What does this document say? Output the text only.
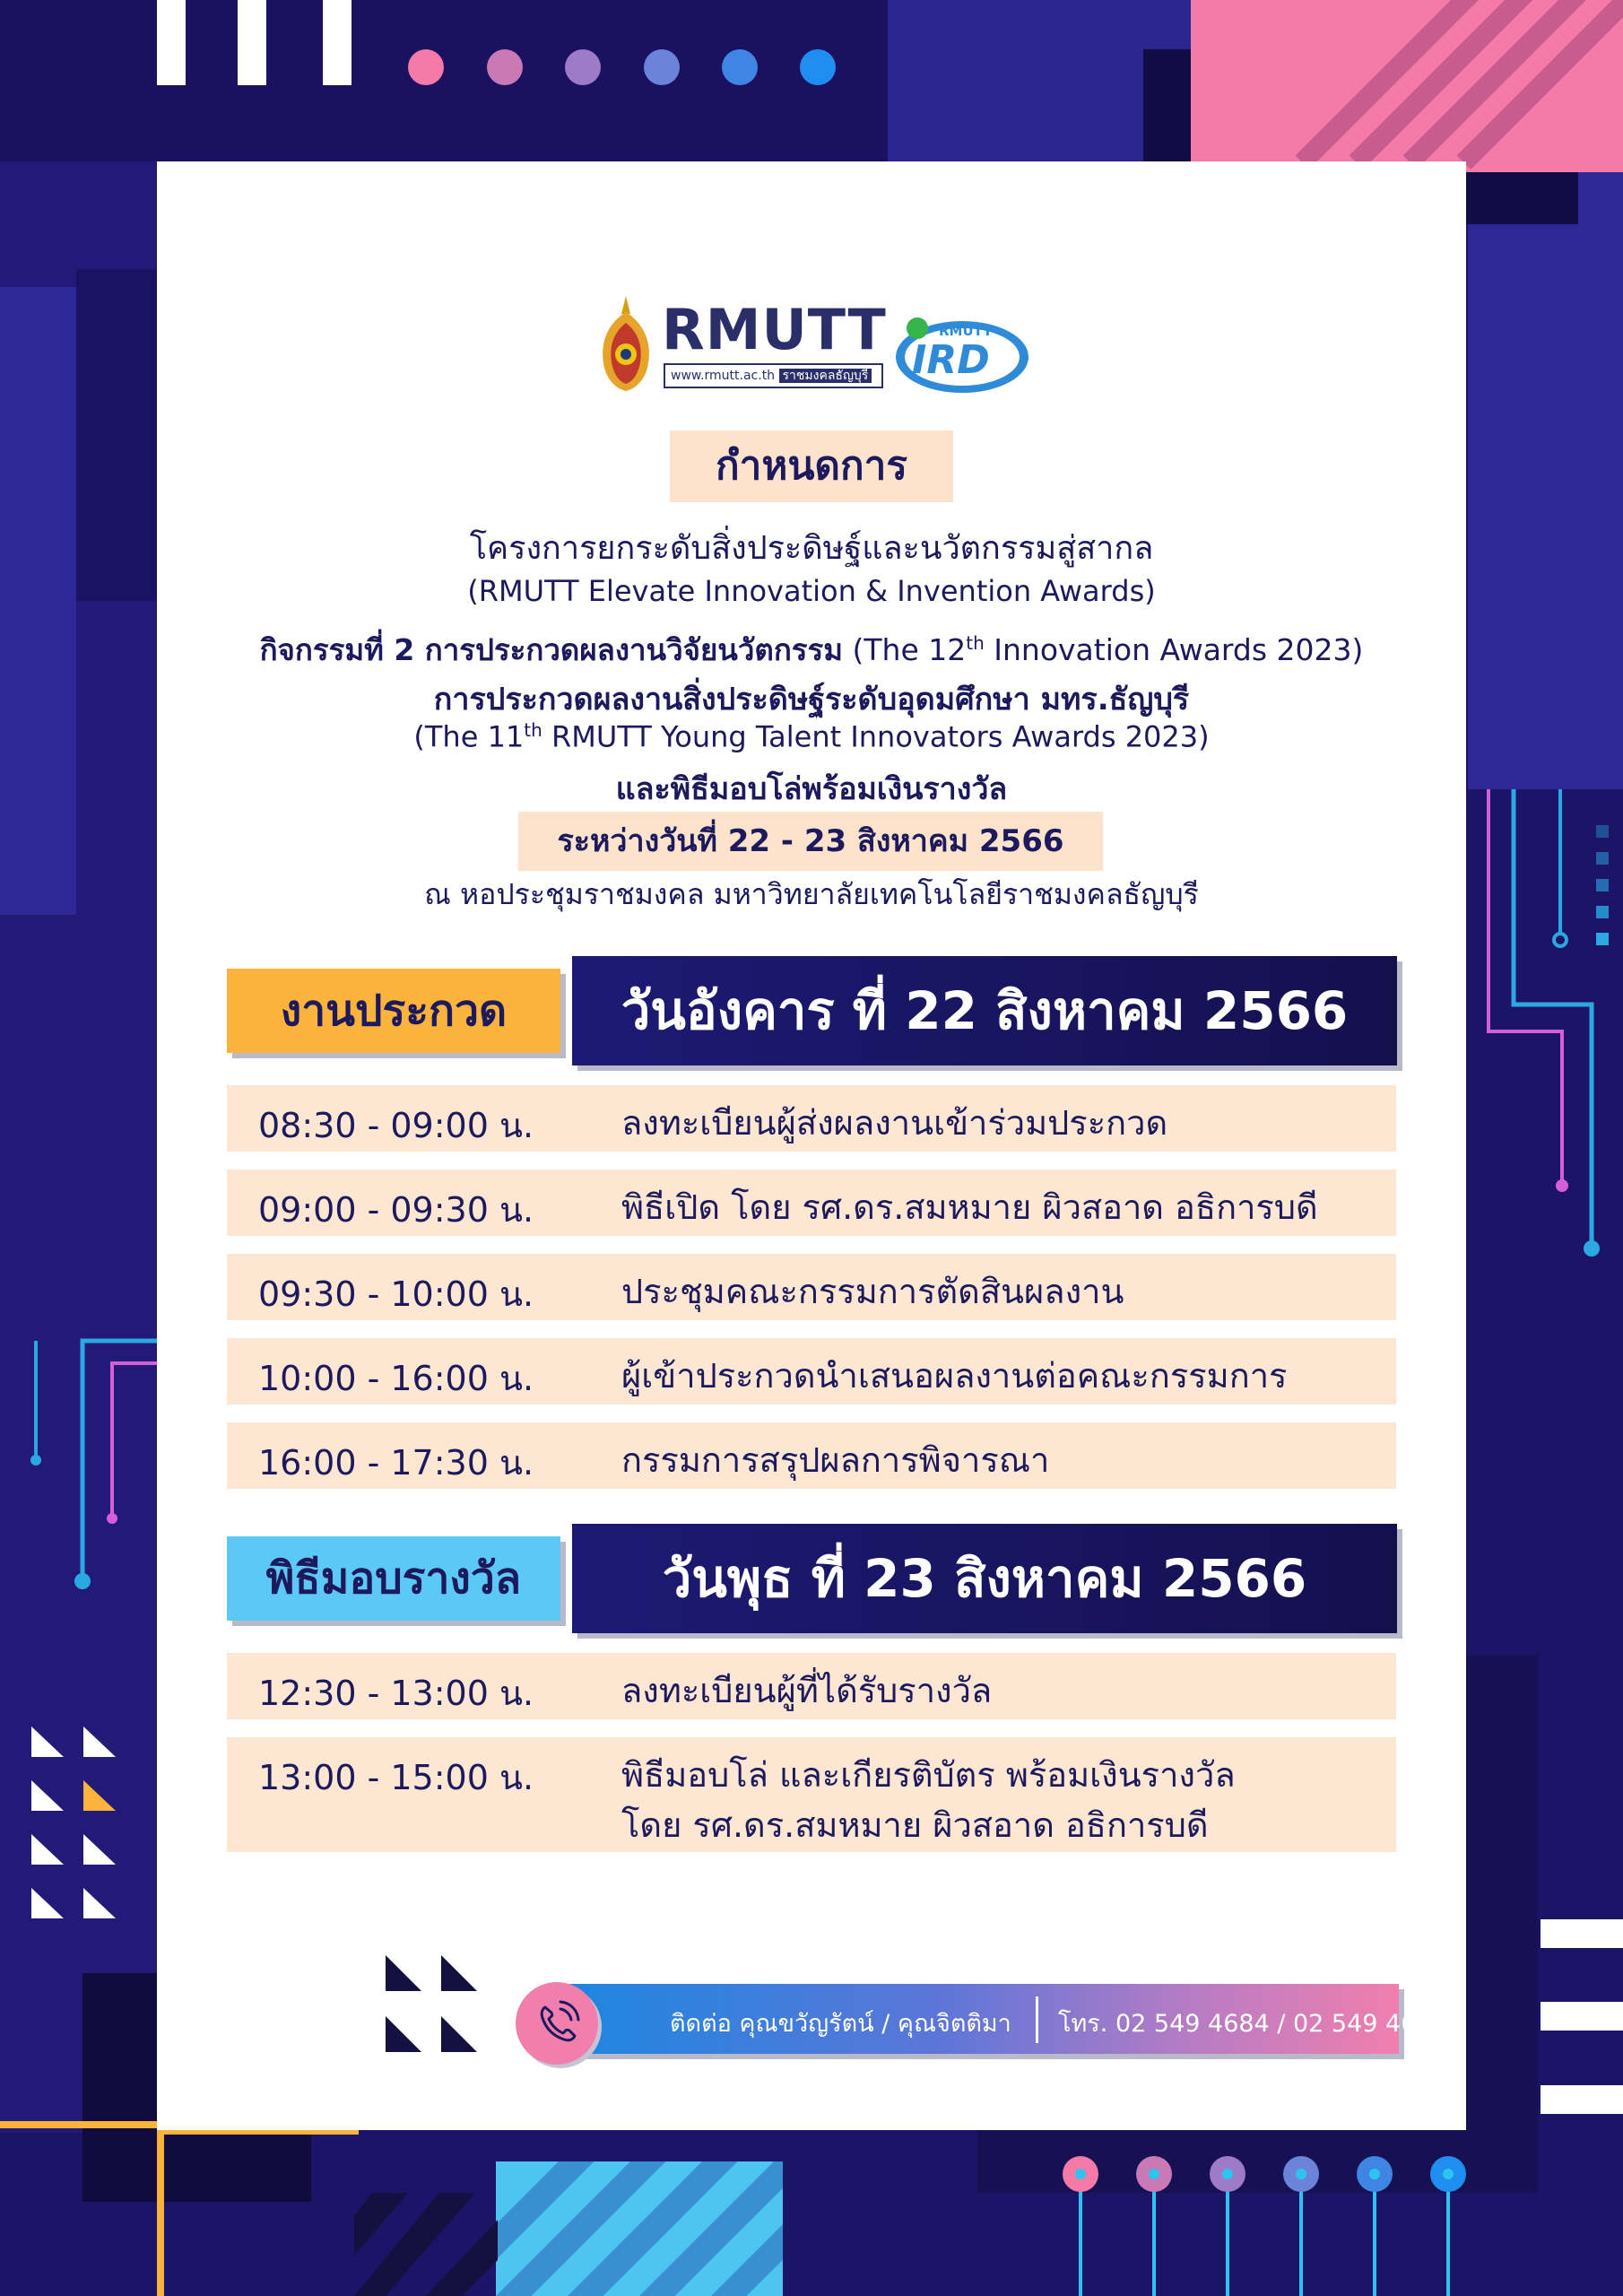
RMUTT
www.rmutt.ac.th ราชมงคลธัญบุรี
RMUTT
IRD
กำหนดการ
โครงการยกระดับสิ่งประดิษฐ์และนวัตกรรมสู่สากล
(RMUTT Elevate Innovation & Invention Awards)
กิจกรรมที่ 2 การประกวดผลงานวิจัยนวัตกรรม (The 12th Innovation Awards 2023)
การประกวดผลงานสิ่งประดิษฐ์ระดับอุดมศึกษา มทร.ธัญบุรี
(The 11th RMUTT Young Talent Innovators Awards 2023)
และพิธีมอบโล่พร้อมเงินรางวัล
ระหว่างวันที่ 22 - 23 สิงหาคม 2566
ณ หอประชุมราชมงคล มหาวิทยาลัยเทคโนโลยีราชมงคลธัญบุรี
งานประกวด	วันอังคาร ที่ 22 สิงหาคม 2566
08:30 - 09:00 น.	ลงทะเบียนผู้ส่งผลงานเข้าร่วมประกวด
09:00 - 09:30 น.	พิธีเปิด โดย รศ.ดร.สมหมาย ผิวสอาด อธิการบดี
09:30 - 10:00 น.	ประชุมคณะกรรมการตัดสินผลงาน
10:00 - 16:00 น.	ผู้เข้าประกวดนำเสนอผลงานต่อคณะกรรมการ
16:00 - 17:30 น.	กรรมการสรุปผลการพิจารณา
พิธีมอบรางวัล	วันพุธ ที่ 23 สิงหาคม 2566
12:30 - 13:00 น.	ลงทะเบียนผู้ที่ได้รับรางวัล
13:00 - 15:00 น.	พิธีมอบโล่ และเกียรติบัตร พร้อมเงินรางวัล
โดย รศ.ดร.สมหมาย ผิวสอาด อธิการบดี
ติดต่อ คุณขวัญรัตน์ / คุณจิตติมา โทร. 02 549 4684 / 02 549 4687
